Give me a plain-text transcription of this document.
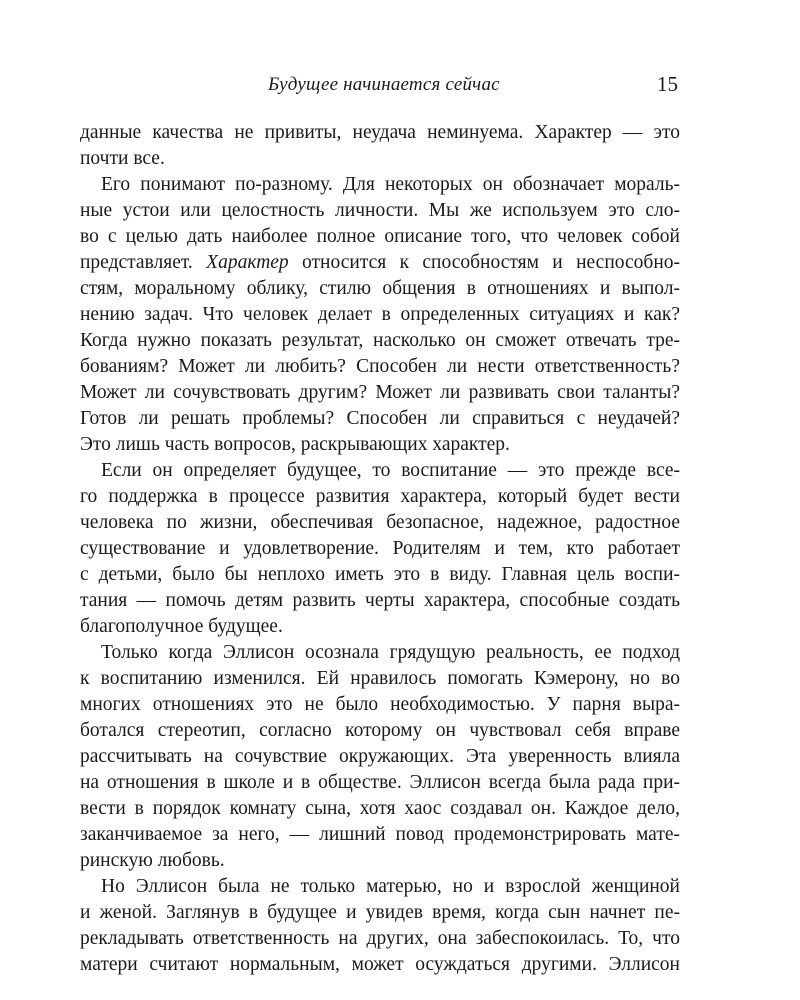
Будущее начинается сейчас	15
данные качества не привиты, неудача неминуема. Характер — это
почти все.
Его понимают по-разному. Для некоторых он обозначает мораль-
ные устои или целостность личности. Мы же используем это сло-
во с целью дать наиболее полное описание того, что человек собой
представляет. Характер относится к способностям и неспособно-
стям, моральному облику, стилю общения в отношениях и выпол-
нению задач. Что человек делает в определенных ситуациях и как?
Когда нужно показать результат, насколько он сможет отвечать тре-
бованиям? Может ли любить? Способен ли нести ответственность?
Может ли сочувствовать другим? Может ли развивать свои таланты?
Готов ли решать проблемы? Способен ли справиться с неудачей?
Это лишь часть вопросов, раскрывающих характер.
Если он определяет будущее, то воспитание — это прежде все-
го поддержка в процессе развития характера, который будет вести
человека по жизни, обеспечивая безопасное, надежное, радостное
существование и удовлетворение. Родителям и тем, кто работает
с детьми, было бы неплохо иметь это в виду. Главная цель воспи-
тания — помочь детям развить черты характера, способные создать
благополучное будущее.
Только когда Эллисон осознала грядущую реальность, ее подход
к воспитанию изменился. Ей нравилось помогать Кэмерону, но во
многих отношениях это не было необходимостью. У парня выра-
ботался стереотип, согласно которому он чувствовал себя вправе
рассчитывать на сочувствие окружающих. Эта уверенность влияла
на отношения в школе и в обществе. Эллисон всегда была рада при-
вести в порядок комнату сына, хотя хаос создавал он. Каждое дело,
заканчиваемое за него, — лишний повод продемонстрировать мате-
ринскую любовь.
Но Эллисон была не только матерью, но и взрослой женщиной
и женой. Заглянув в будущее и увидев время, когда сын начнет пе-
рекладывать ответственность на других, она забеспокоилась. То, что
матери считают нормальным, может осуждаться другими. Эллисон
